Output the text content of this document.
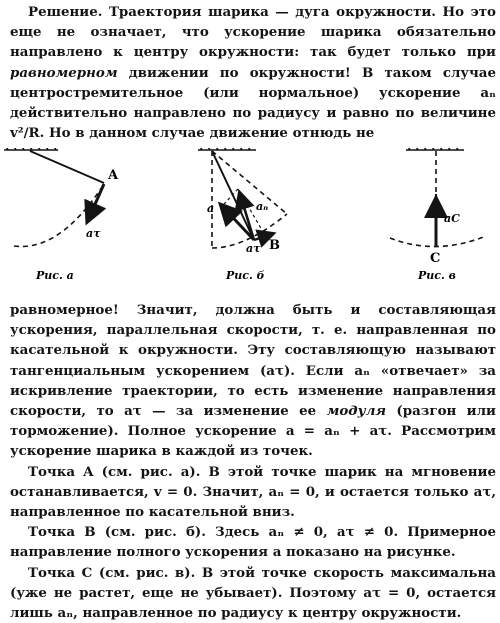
Решение. Траектория шарика — дуга окружности. Но это еще не означает, что ускорение шарика обязательно направлено к центру окружности: так будет только при равномерном движении по окружности! В таком случае центростремительное (или нормальное) ускорение aₙ действительно направлено по радиусу и равно по величине v²/R. Но в данном случае движение отнюдь не

A
aτ
Рис. а
aₙ
a
aτ B
Рис. б
aC
C
Рис. в

равномерное! Значит, должна быть и составляющая ускорения, параллельная скорости, т. е. направленная по касательной к окружности. Эту составляющую называют тангенциальным ускорением (aτ). Если aₙ «отвечает» за искривление траектории, то есть изменение направления скорости, то aτ — за изменение ее модуля (разгон или торможение). Полное ускорение a = aₙ + aτ. Рассмотрим ускорение шарика в каждой из точек.
Точка A (см. рис. a). В этой точке шарик на мгновение останавливается, v = 0. Значит, aₙ = 0, и остается только aτ, направленное по касательной вниз.
Точка B (см. рис. б). Здесь aₙ ≠ 0, aτ ≠ 0. Примерное направление полного ускорения a показано на рисунке.
Точка C (см. рис. в). В этой точке скорость максимальна (уже не растет, еще не убывает). Поэтому aτ = 0, остается лишь aₙ, направленное по радиусу к центру окружности.
